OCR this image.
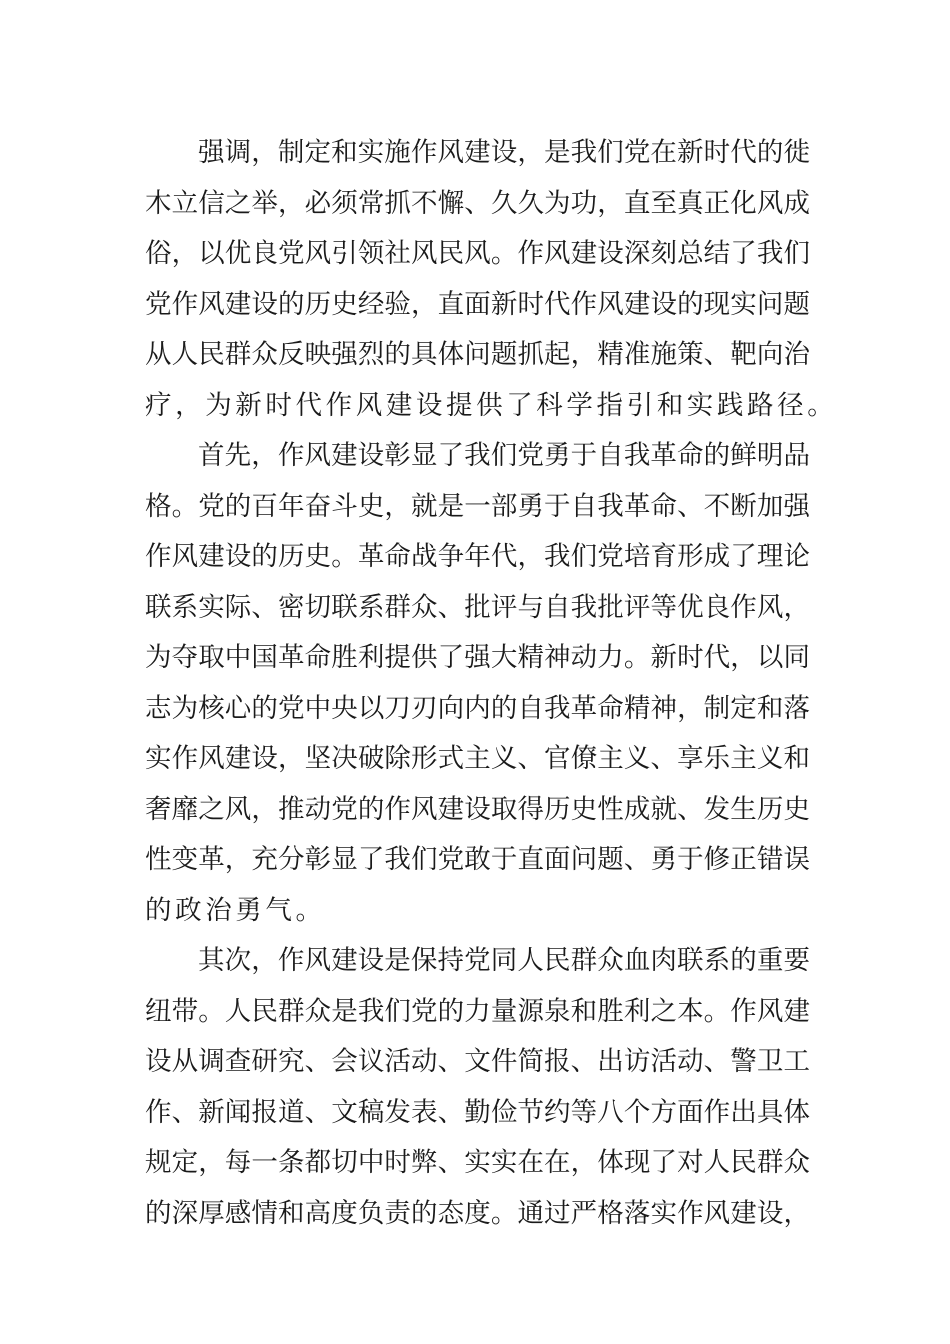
强调，制定和实施作风建设，是我们党在新时代的徙
木立信之举，必须常抓不懈、久久为功，直至真正化风成
俗，以优良党风引领社风民风。作风建设深刻总结了我们
党作风建设的历史经验，直面新时代作风建设的现实问题
从人民群众反映强烈的具体问题抓起，精准施策、靶向治
疗，为新时代作风建设提供了科学指引和实践路径。
首先，作风建设彰显了我们党勇于自我革命的鲜明品
格。党的百年奋斗史，就是一部勇于自我革命、不断加强
作风建设的历史。革命战争年代，我们党培育形成了理论
联系实际、密切联系群众、批评与自我批评等优良作风，
为夺取中国革命胜利提供了强大精神动力。新时代，以同
志为核心的党中央以刀刃向内的自我革命精神，制定和落
实作风建设，坚决破除形式主义、官僚主义、享乐主义和
奢靡之风，推动党的作风建设取得历史性成就、发生历史
性变革，充分彰显了我们党敢于直面问题、勇于修正错误
的政治勇气。
其次，作风建设是保持党同人民群众血肉联系的重要
纽带。人民群众是我们党的力量源泉和胜利之本。作风建
设从调查研究、会议活动、文件简报、出访活动、警卫工
作、新闻报道、文稿发表、勤俭节约等八个方面作出具体
规定，每一条都切中时弊、实实在在，体现了对人民群众
的深厚感情和高度负责的态度。通过严格落实作风建设，
